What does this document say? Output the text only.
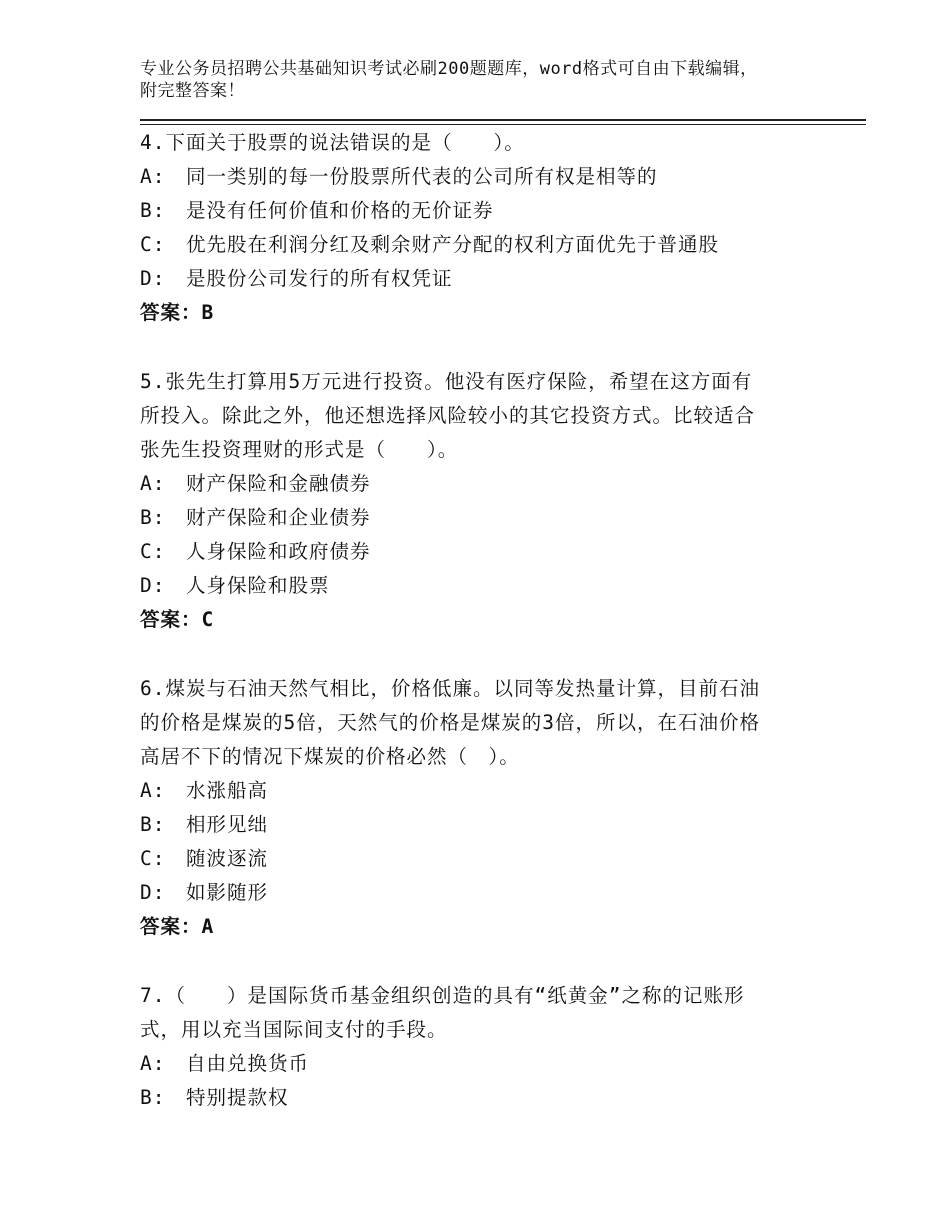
专业公务员招聘公共基础知识考试必刷200题题库，word格式可自由下载编辑，
附完整答案！
4.下面关于股票的说法错误的是（　　）。
A:　同一类别的每一份股票所代表的公司所有权是相等的
B:　是没有任何价值和价格的无价证券
C:　优先股在利润分红及剩余财产分配的权利方面优先于普通股
D:　是股份公司发行的所有权凭证
答案：B
5.张先生打算用5万元进行投资。他没有医疗保险，希望在这方面有
所投入。除此之外，他还想选择风险较小的其它投资方式。比较适合
张先生投资理财的形式是（　　）。
A:　财产保险和金融债券
B:　财产保险和企业债券
C:　人身保险和政府债券
D:　人身保险和股票
答案：C
6.煤炭与石油天然气相比，价格低廉。以同等发热量计算，目前石油
的价格是煤炭的5倍，天然气的价格是煤炭的3倍，所以，在石油价格
高居不下的情况下煤炭的价格必然（　）。
A:　水涨船高
B:　相形见绌
C:　随波逐流
D:　如影随形
答案：A
7.（　　）是国际货币基金组织创造的具有“纸黄金”之称的记账形
式，用以充当国际间支付的手段。
A:　自由兑换货币
B:　特别提款权
